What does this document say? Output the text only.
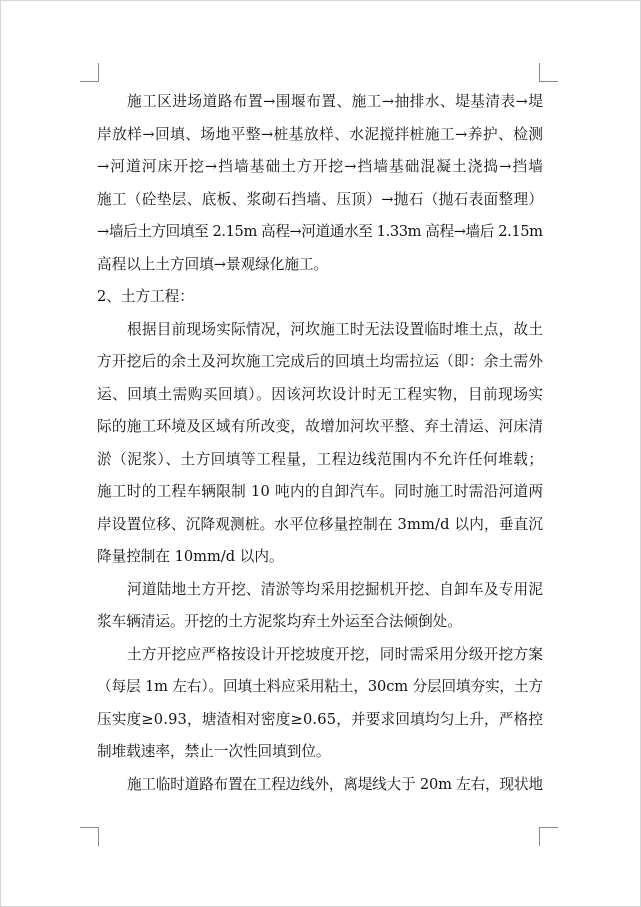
施工区进场道路布置→围堰布置、施工→抽排水、堤基清表→堤
岸放样→回填、场地平整→桩基放样、水泥搅拌桩施工→养护、检测
→河道河床开挖→挡墙基础土方开挖→挡墙基础混凝土浇捣→挡墙
施工（砼垫层、底板、浆砌石挡墙、压顶）→抛石（抛石表面整理）
→墙后土方回填至 2.15m 高程→河道通水至 1.33m 高程→墙后 2.15m
高程以上土方回填→景观绿化施工。
2、土方工程：
根据目前现场实际情况，河坎施工时无法设置临时堆土点，故土
方开挖后的余土及河坎施工完成后的回填土均需拉运（即：余土需外
运、回填土需购买回填）。因该河坎设计时无工程实物，目前现场实
际的施工环境及区域有所改变，故增加河坎平整、弃土清运、河床清
淤（泥浆）、土方回填等工程量，工程边线范围内不允许任何堆载；
施工时的工程车辆限制 10 吨内的自卸汽车。同时施工时需沿河道两
岸设置位移、沉降观测桩。水平位移量控制在 3mm/d 以内，垂直沉
降量控制在 10mm/d 以内。
河道陆地土方开挖、清淤等均采用挖掘机开挖、自卸车及专用泥
浆车辆清运。开挖的土方泥浆均弃土外运至合法倾倒处。
土方开挖应严格按设计开挖坡度开挖，同时需采用分级开挖方案
（每层 1m 左右）。回填土料应采用粘土，30cm 分层回填夯实，土方
压实度≥0.93，塘渣相对密度≥0.65，并要求回填均匀上升，严格控
制堆载速率，禁止一次性回填到位。
施工临时道路布置在工程边线外，离堤线大于 20m 左右，现状地
